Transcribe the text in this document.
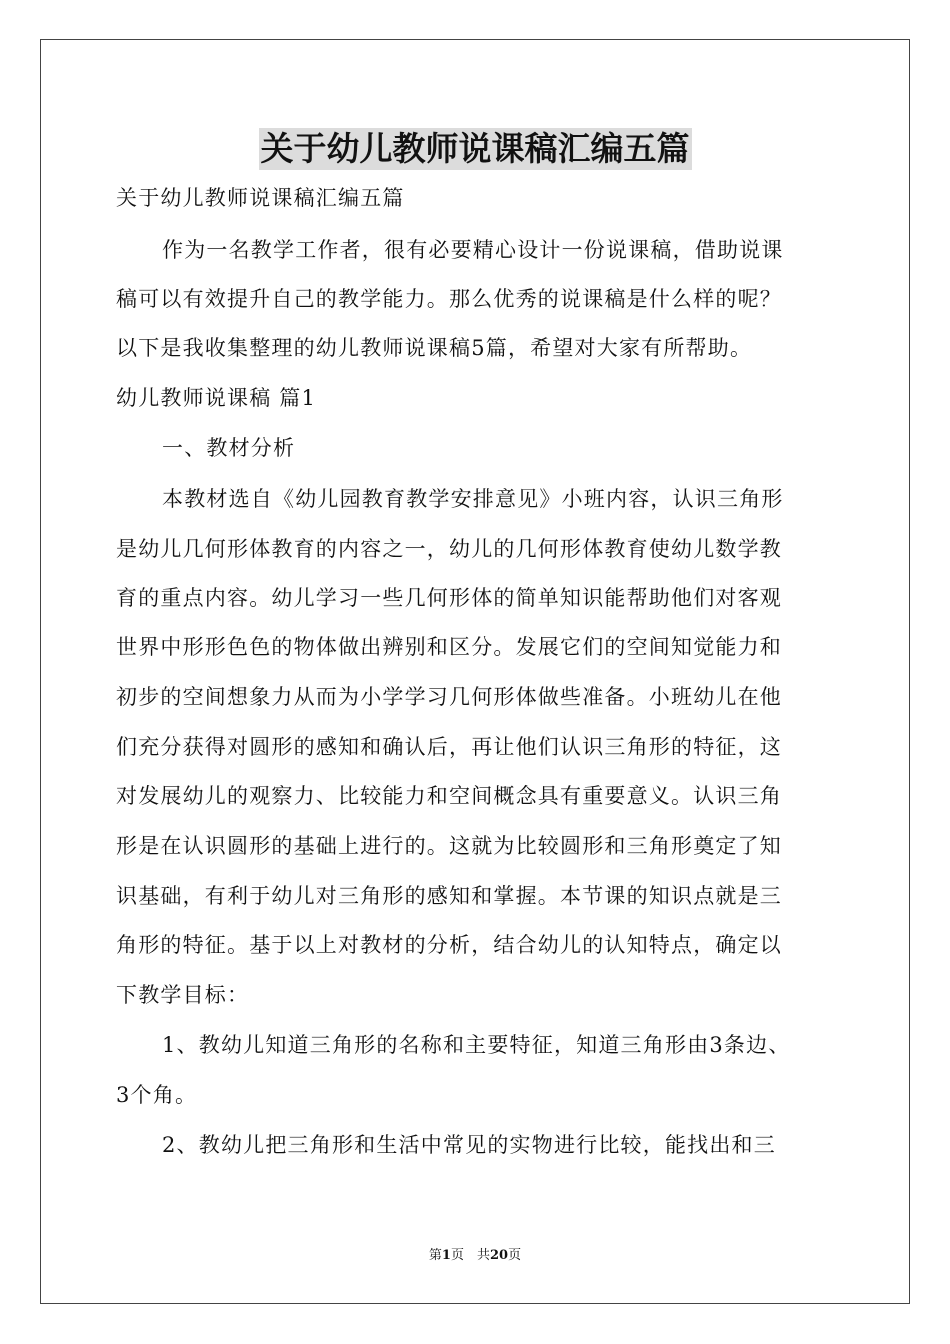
关于幼儿教师说课稿汇编五篇
关于幼儿教师说课稿汇编五篇
作为一名教学工作者，很有必要精心设计一份说课稿，借助说课
稿可以有效提升自己的教学能力。那么优秀的说课稿是什么样的呢？
以下是我收集整理的幼儿教师说课稿5篇，希望对大家有所帮助。
幼儿教师说课稿 篇1
一、教材分析
本教材选自《幼儿园教育教学安排意见》小班内容，认识三角形
是幼儿几何形体教育的内容之一，幼儿的几何形体教育使幼儿数学教
育的重点内容。幼儿学习一些几何形体的简单知识能帮助他们对客观
世界中形形色色的物体做出辨别和区分。发展它们的空间知觉能力和
初步的空间想象力从而为小学学习几何形体做些准备。小班幼儿在他
们充分获得对圆形的感知和确认后，再让他们认识三角形的特征，这
对发展幼儿的观察力、比较能力和空间概念具有重要意义。认识三角
形是在认识圆形的基础上进行的。这就为比较圆形和三角形奠定了知
识基础，有利于幼儿对三角形的感知和掌握。本节课的知识点就是三
角形的特征。基于以上对教材的分析，结合幼儿的认知特点，确定以
下教学目标：
1、教幼儿知道三角形的名称和主要特征，知道三角形由3条边、
3个角。
2、教幼儿把三角形和生活中常见的实物进行比较，能找出和三
第1页　共20页
